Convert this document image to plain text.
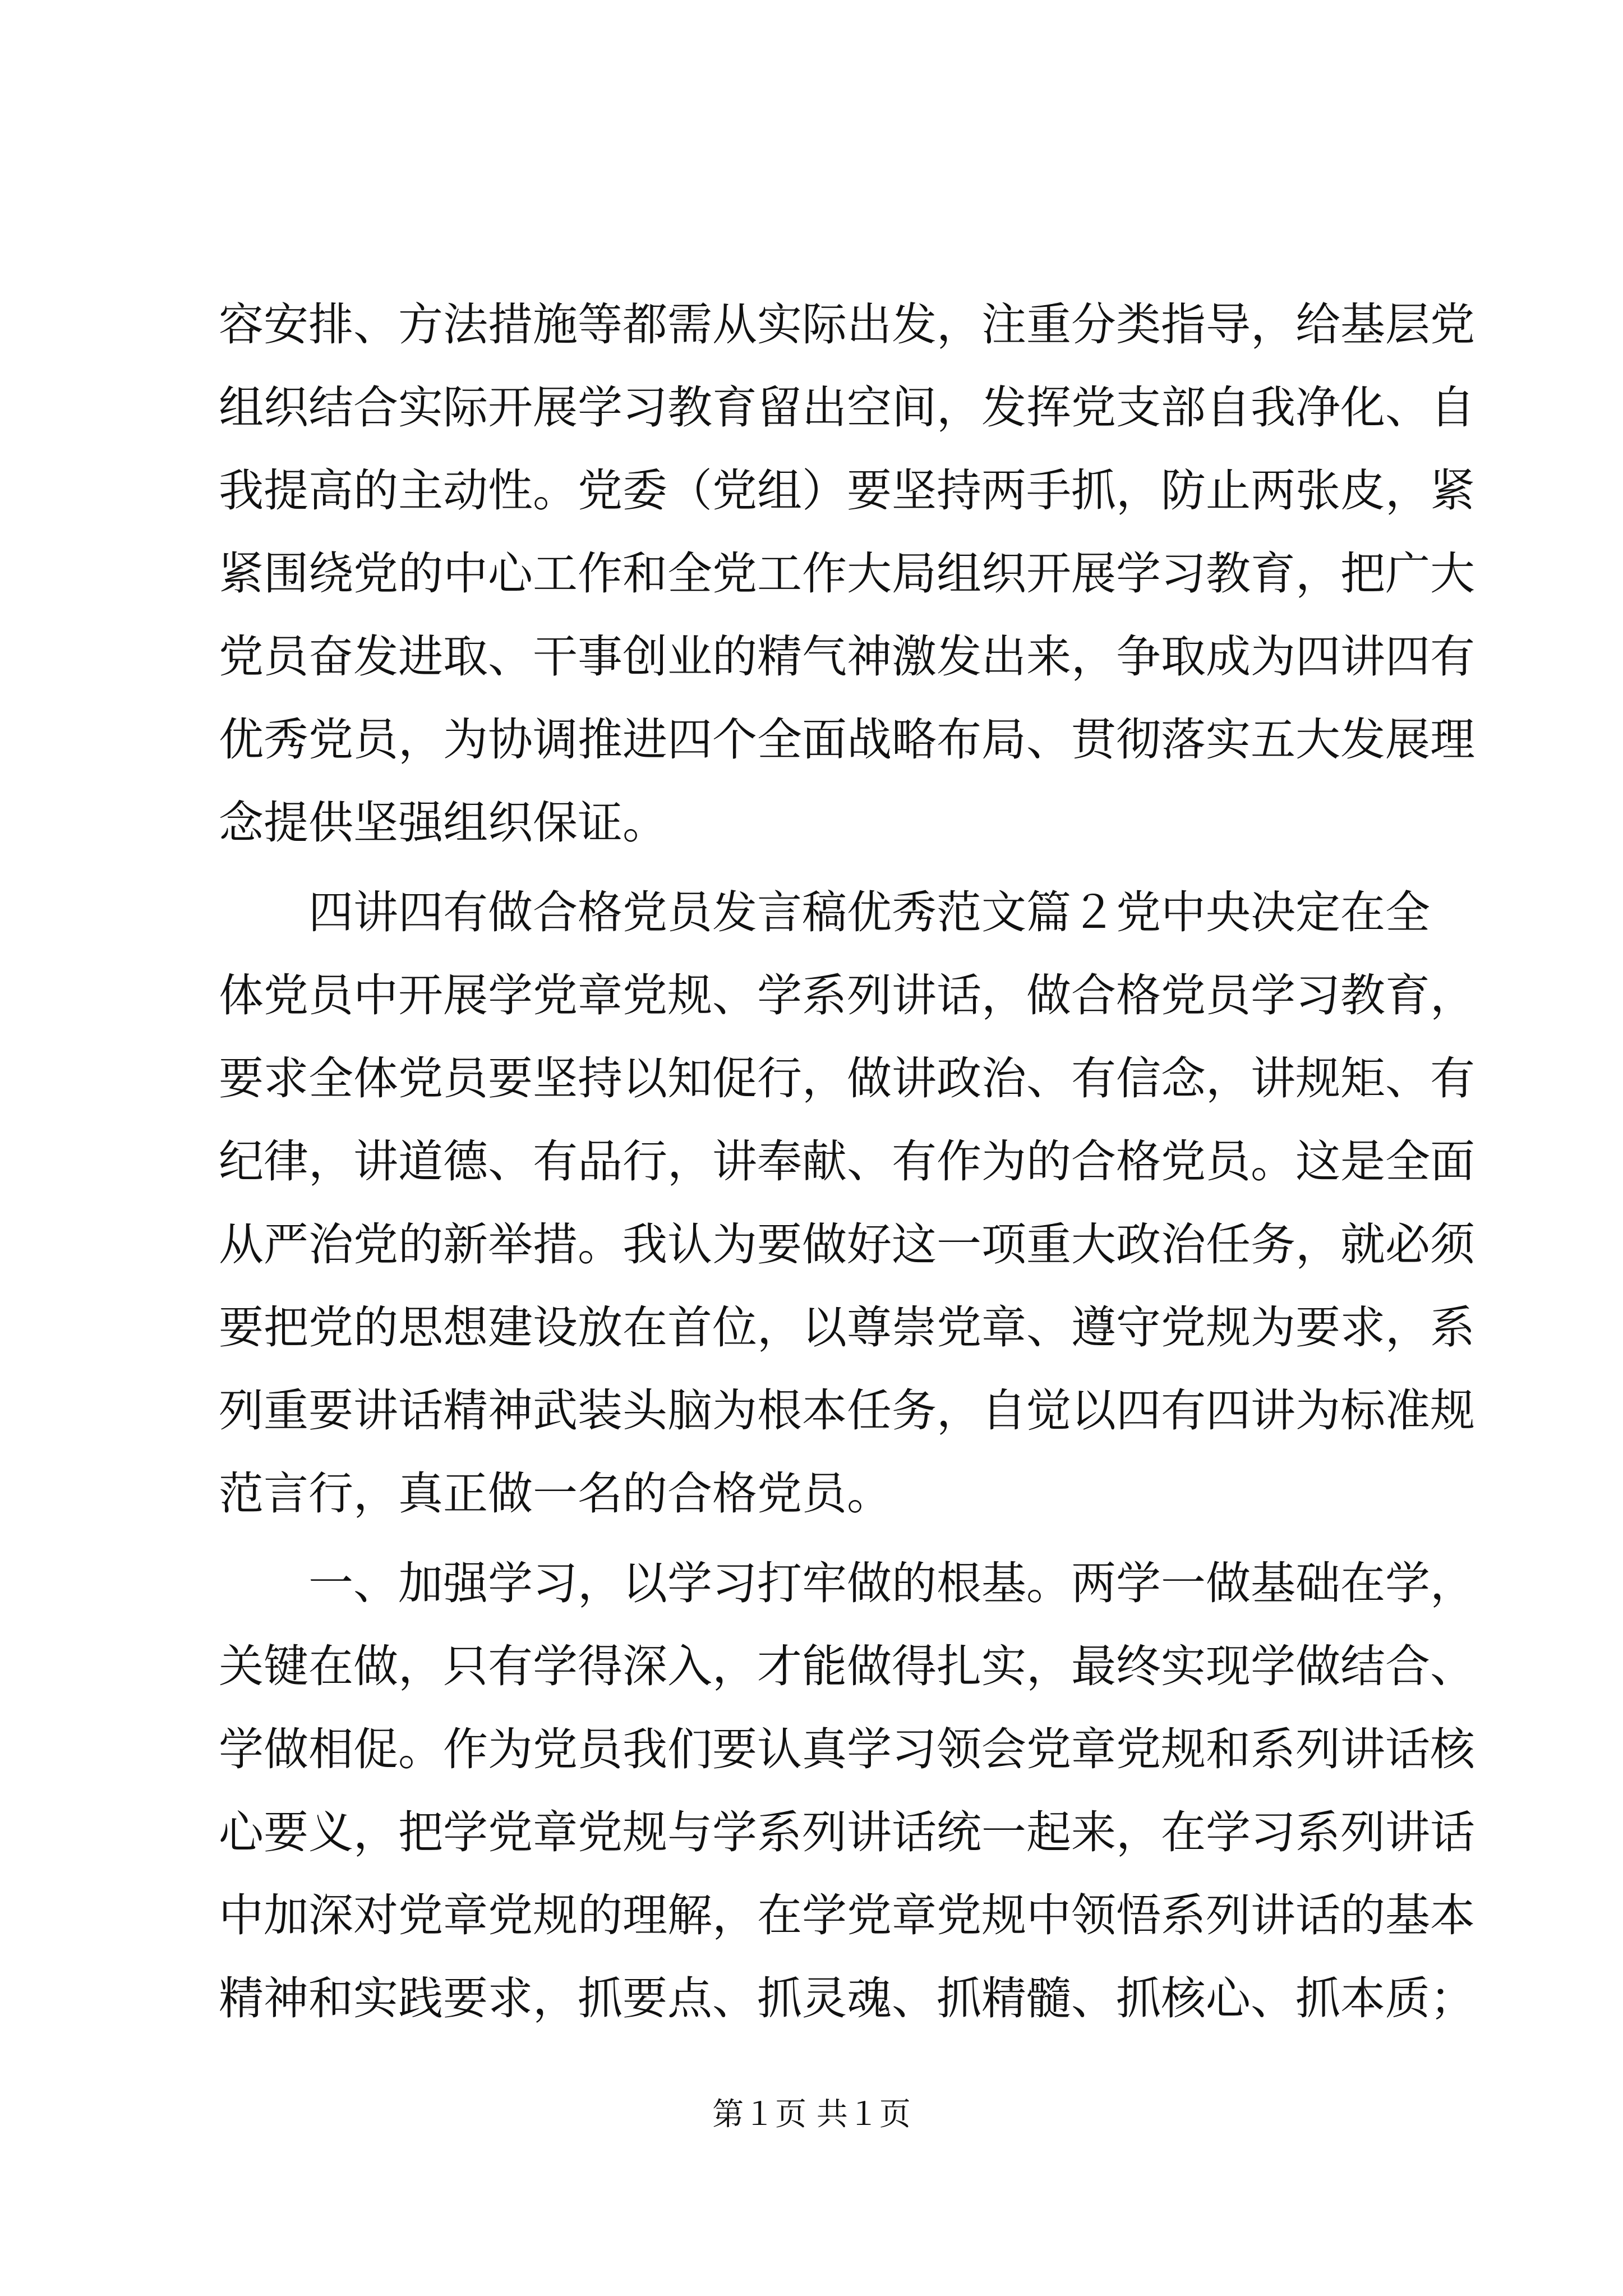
容安排、方法措施等都需从实际出发，注重分类指导，给基层党
组织结合实际开展学习教育留出空间，发挥党支部自我净化、自
我提高的主动性。党委（党组）要坚持两手抓，防止两张皮，紧
紧围绕党的中心工作和全党工作大局组织开展学习教育，把广大
党员奋发进取、干事创业的精气神激发出来，争取成为四讲四有
优秀党员，为协调推进四个全面战略布局、贯彻落实五大发展理
念提供坚强组织保证。
四讲四有做合格党员发言稿优秀范文篇２党中央决定在全
体党员中开展学党章党规、学系列讲话，做合格党员学习教育，
要求全体党员要坚持以知促行，做讲政治、有信念，讲规矩、有
纪律，讲道德、有品行，讲奉献、有作为的合格党员。这是全面
从严治党的新举措。我认为要做好这一项重大政治任务，就必须
要把党的思想建设放在首位，以尊崇党章、遵守党规为要求，系
列重要讲话精神武装头脑为根本任务，自觉以四有四讲为标准规
范言行，真正做一名的合格党员。
一、加强学习，以学习打牢做的根基。两学一做基础在学，
关键在做，只有学得深入，才能做得扎实，最终实现学做结合、
学做相促。作为党员我们要认真学习领会党章党规和系列讲话核
心要义，把学党章党规与学系列讲话统一起来，在学习系列讲话
中加深对党章党规的理解，在学党章党规中领悟系列讲话的基本
精神和实践要求，抓要点、抓灵魂、抓精髓、抓核心、抓本质；
第１页 共１页
